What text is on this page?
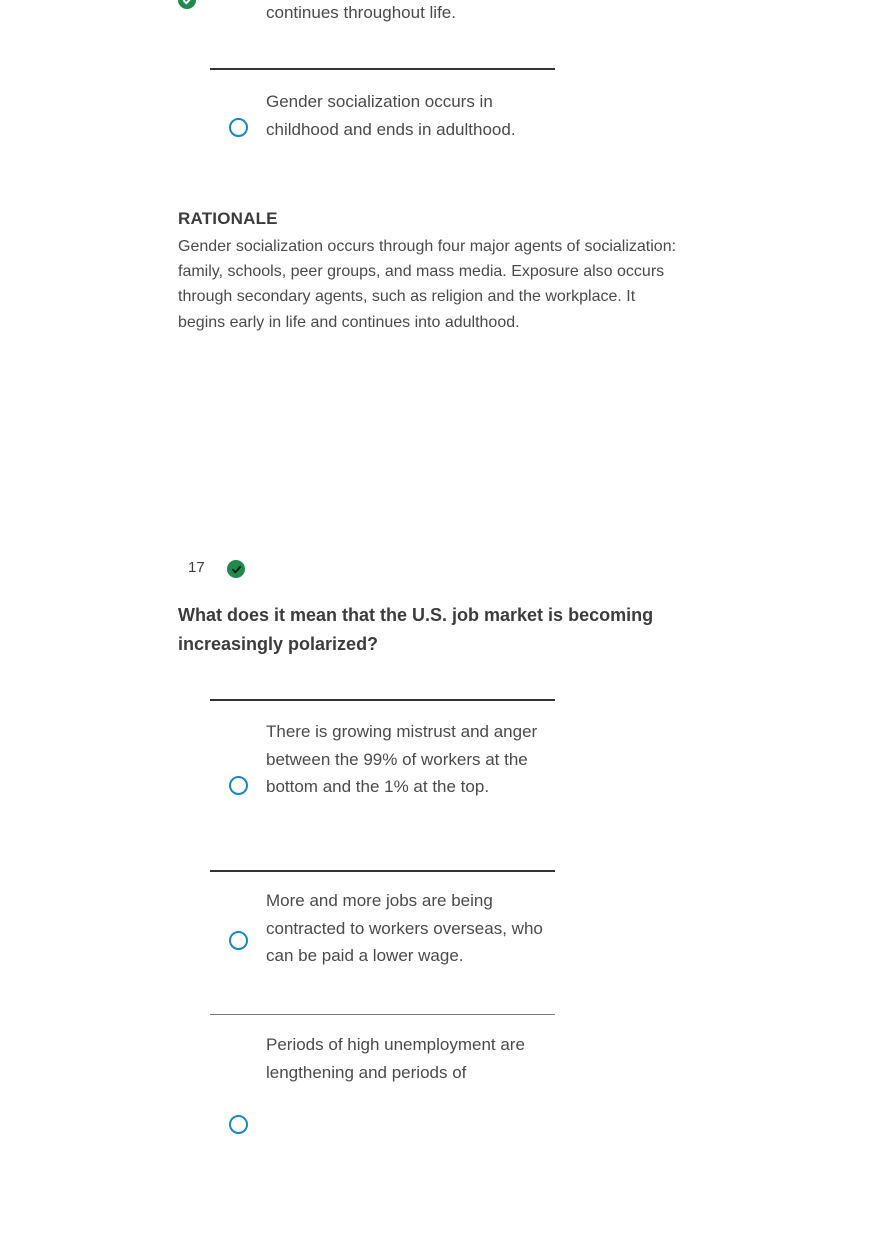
continues throughout life.
Gender socialization occurs in childhood and ends in adulthood.
RATIONALE
Gender socialization occurs through four major agents of socialization: family, schools, peer groups, and mass media. Exposure also occurs through secondary agents, such as religion and the workplace. It begins early in life and continues into adulthood.
17
What does it mean that the U.S. job market is becoming increasingly polarized?
There is growing mistrust and anger between the 99% of workers at the bottom and the 1% at the top.
More and more jobs are being contracted to workers overseas, who can be paid a lower wage.
Periods of high unemployment are lengthening and periods of
